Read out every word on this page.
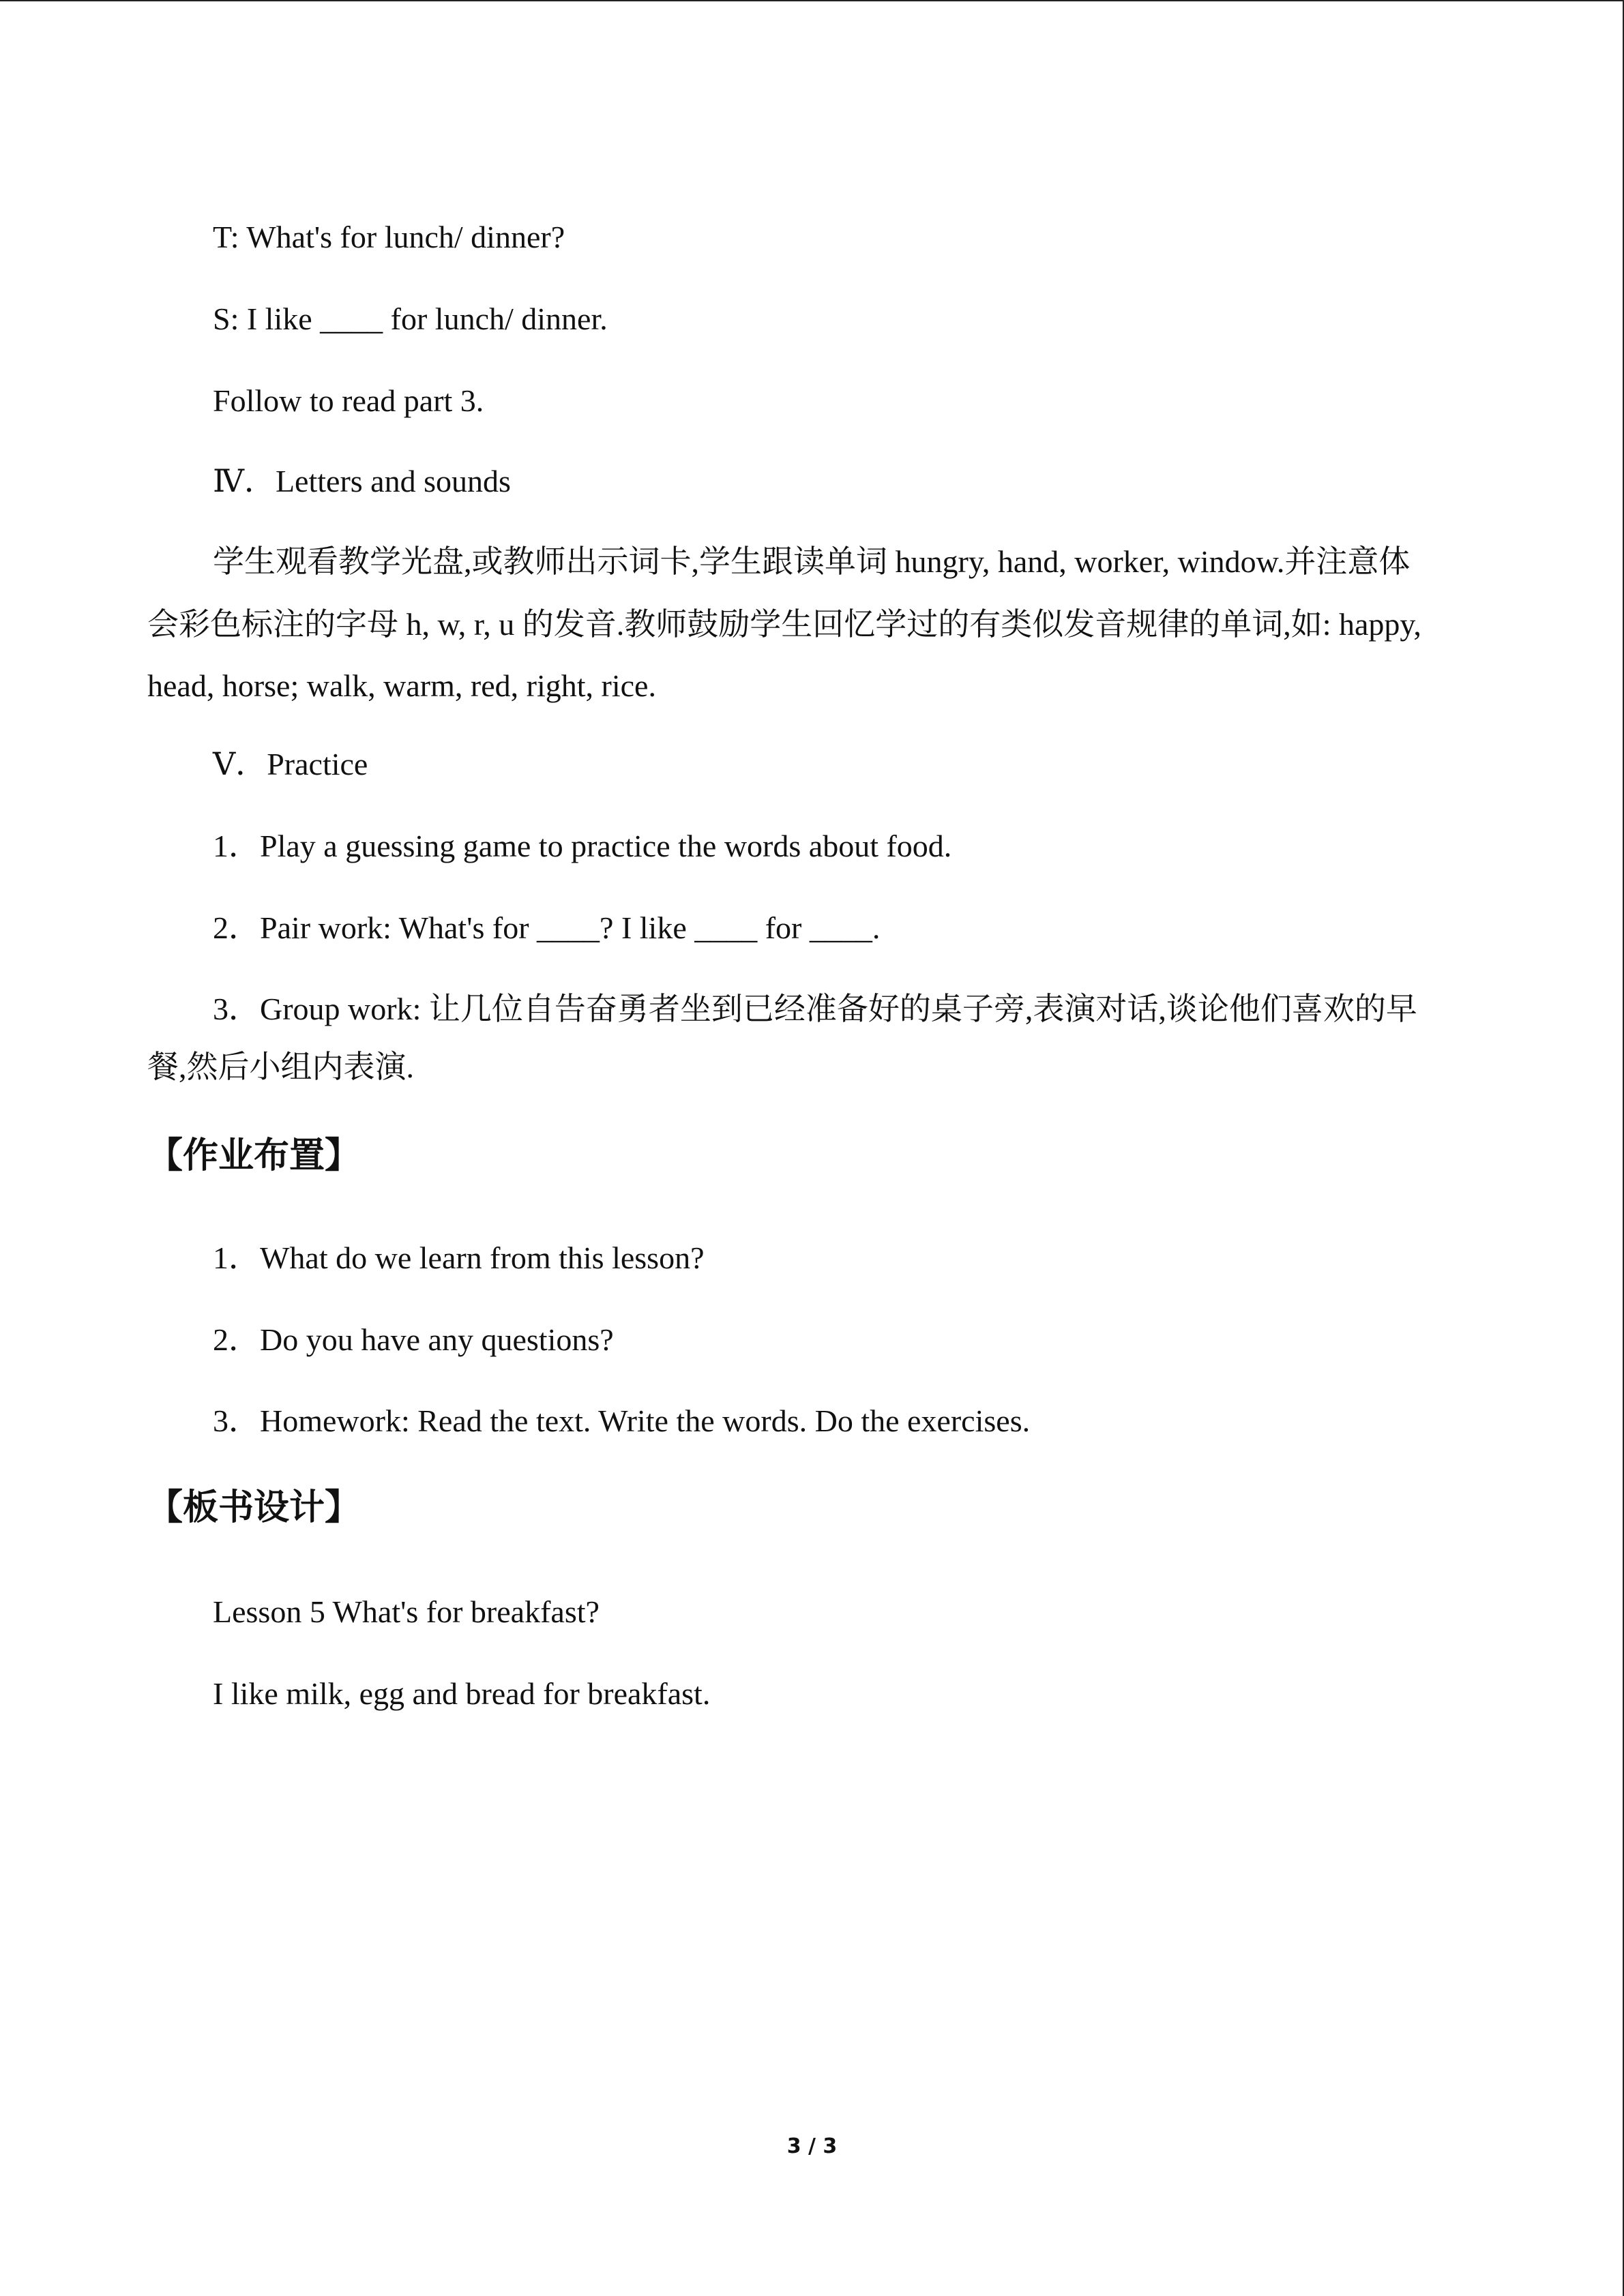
T: What's for lunch/ dinner?
S: I like ____ for lunch/ dinner.
Follow to read part 3.
Ⅳ．Letters and sounds
学生观看教学光盘,或教师出示词卡,学生跟读单词 hungry, hand, worker, window.并注意体
会彩色标注的字母 h, w, r, u 的发音.教师鼓励学生回忆学过的有类似发音规律的单词,如: happy,
head, horse; walk, warm, red, right, rice.
Ⅴ．Practice
1．Play a guessing game to practice the words about food.
2．Pair work: What's for ____? I like ____ for ____.
3．Group work: 让几位自告奋勇者坐到已经准备好的桌子旁,表演对话,谈论他们喜欢的早
餐,然后小组内表演.
【作业布置】
1．What do we learn from this lesson?
2．Do you have any questions?
3．Homework: Read the text. Write the words. Do the exercises.
【板书设计】
Lesson 5 What's for breakfast?
I like milk, egg and bread for breakfast.
3 / 3
